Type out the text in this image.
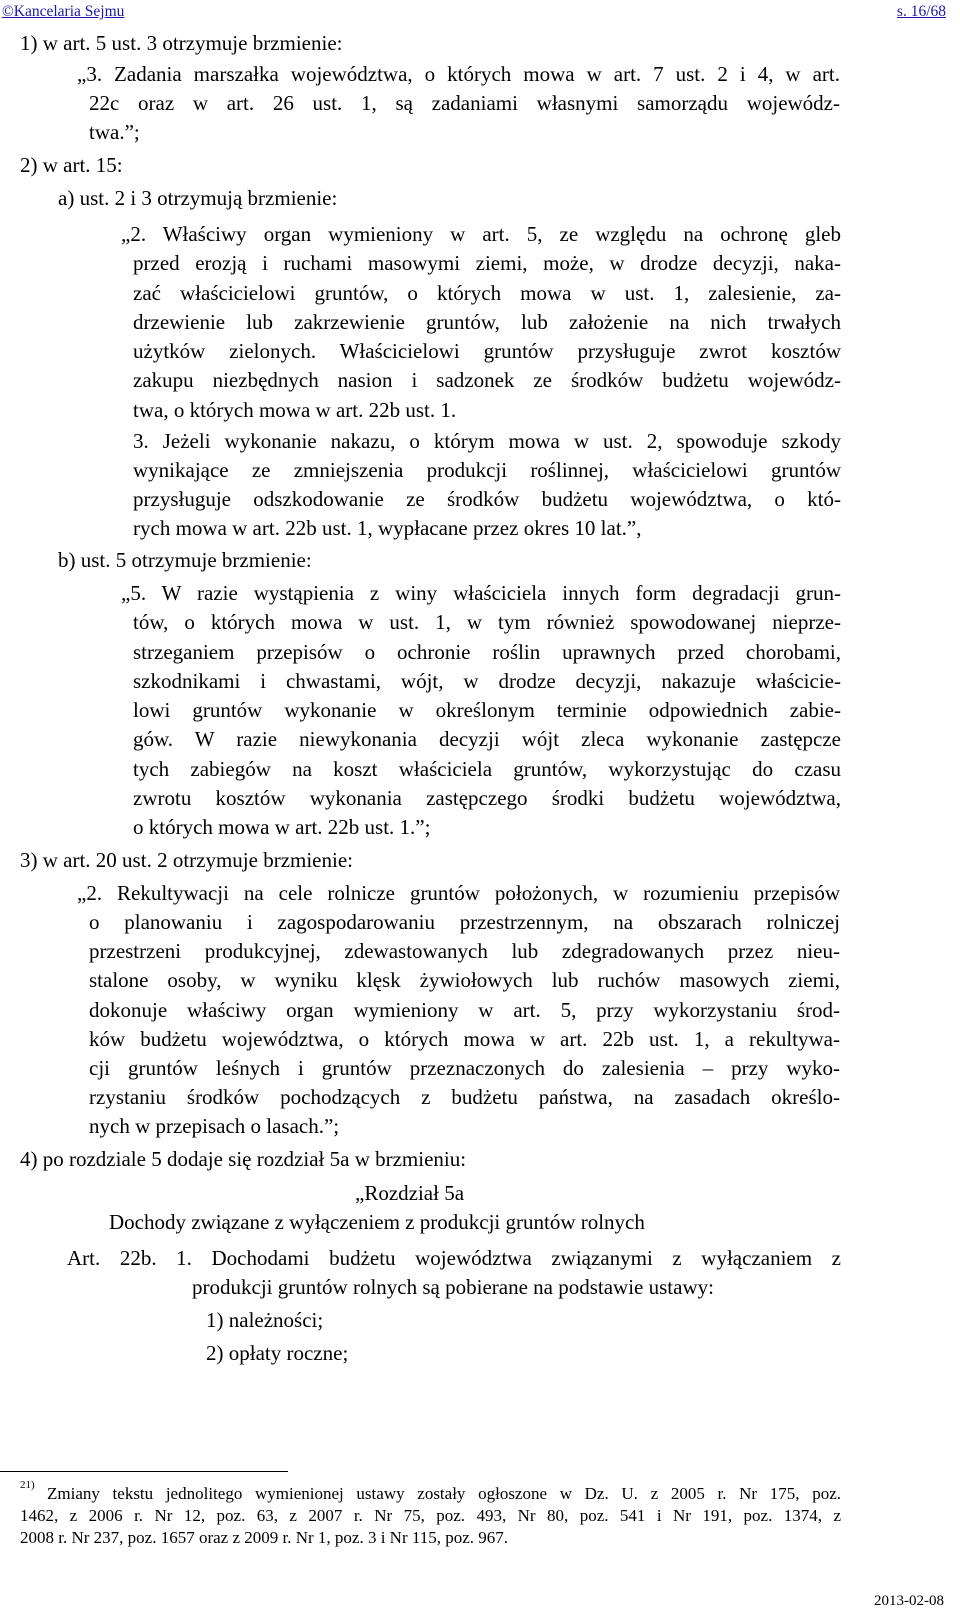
©Kancelaria Sejmu	s. 16/68
1) w art. 5 ust. 3 otrzymuje brzmienie:
„3. Zadania marszałka województwa, o których mowa w art. 7 ust. 2 i 4, w art.
22c oraz w art. 26 ust. 1, są zadaniami własnymi samorządu wojewódz-
twa.”;
2) w art. 15:
a) ust. 2 i 3 otrzymują brzmienie:
„2. Właściwy organ wymieniony w art. 5, ze względu na ochronę gleb
przed erozją i ruchami masowymi ziemi, może, w drodze decyzji, naka-
zać właścicielowi gruntów, o których mowa w ust. 1, zalesienie, za-
drzewienie lub zakrzewienie gruntów, lub założenie na nich trwałych
użytków zielonych. Właścicielowi gruntów przysługuje zwrot kosztów
zakupu niezbędnych nasion i sadzonek ze środków budżetu wojewódz-
twa, o których mowa w art. 22b ust. 1.
3. Jeżeli wykonanie nakazu, o którym mowa w ust. 2, spowoduje szkody
wynikające ze zmniejszenia produkcji roślinnej, właścicielowi gruntów
przysługuje odszkodowanie ze środków budżetu województwa, o któ-
rych mowa w art. 22b ust. 1, wypłacane przez okres 10 lat.”,
b) ust. 5 otrzymuje brzmienie:
„5. W razie wystąpienia z winy właściciela innych form degradacji grun-
tów, o których mowa w ust. 1, w tym również spowodowanej nieprze-
strzeganiem przepisów o ochronie roślin uprawnych przed chorobami,
szkodnikami i chwastami, wójt, w drodze decyzji, nakazuje właścicie-
lowi gruntów wykonanie w określonym terminie odpowiednich zabie-
gów. W razie niewykonania decyzji wójt zleca wykonanie zastępcze
tych zabiegów na koszt właściciela gruntów, wykorzystując do czasu
zwrotu kosztów wykonania zastępczego środki budżetu województwa,
o których mowa w art. 22b ust. 1.”;
3) w art. 20 ust. 2 otrzymuje brzmienie:
„2. Rekultywacji na cele rolnicze gruntów położonych, w rozumieniu przepisów
o planowaniu i zagospodarowaniu przestrzennym, na obszarach rolniczej
przestrzeni produkcyjnej, zdewastowanych lub zdegradowanych przez nieu-
stalone osoby, w wyniku klęsk żywiołowych lub ruchów masowych ziemi,
dokonuje właściwy organ wymieniony w art. 5, przy wykorzystaniu środ-
ków budżetu województwa, o których mowa w art. 22b ust. 1, a rekultywa-
cji gruntów leśnych i gruntów przeznaczonych do zalesienia – przy wyko-
rzystaniu środków pochodzących z budżetu państwa, na zasadach określo-
nych w przepisach o lasach.”;
4) po rozdziale 5 dodaje się rozdział 5a w brzmieniu:
„Rozdział 5a
Dochody związane z wyłączeniem z produkcji gruntów rolnych
Art. 22b. 1. Dochodami budżetu województwa związanymi z wyłączaniem z
produkcji gruntów rolnych są pobierane na podstawie ustawy:
1) należności;
2) opłaty roczne;
21) Zmiany tekstu jednolitego wymienionej ustawy zostały ogłoszone w Dz. U. z 2005 r. Nr 175, poz.
1462, z 2006 r. Nr 12, poz. 63, z 2007 r. Nr 75, poz. 493, Nr 80, poz. 541 i Nr 191, poz. 1374, z
2008 r. Nr 237, poz. 1657 oraz z 2009 r. Nr 1, poz. 3 i Nr 115, poz. 967.
2013-02-08
